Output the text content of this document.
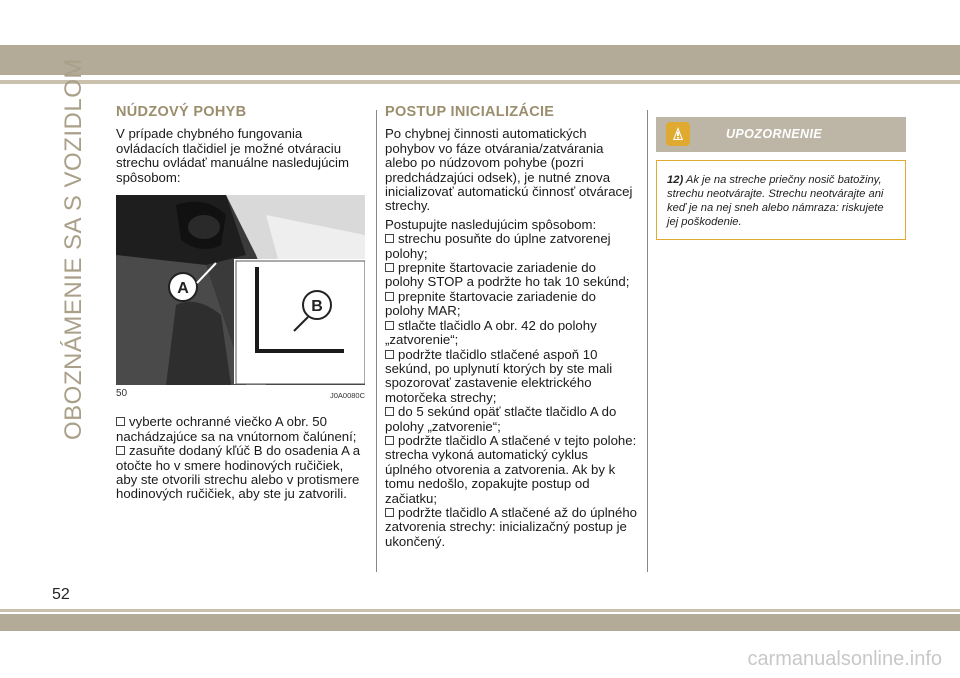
OBOZNÁMENIE SA S VOZIDLOM NÚDZOVÝ POHYB

V prípade chybného fungovania ovládacích tlačidiel je možné otváraciu strechu ovládať manuálne nasledujúcim spôsobom:

A
B
50	J0A0080C

vyberte ochranné viečko A obr. 50 nachádzajúce sa na vnútornom čalúnení;

zasuňte dodaný kľúč B do osadenia A a otočte ho v smere hodinových ručičiek, aby ste otvorili strechu alebo v protismere hodinových ručičiek, aby ste ju zatvorili.

POSTUP INICIALIZÁCIE

Po chybnej činnosti automatických pohybov vo fáze otvárania/zatvárania alebo po núdzovom pohybe (pozri predchádzajúci odsek), je nutné znova inicializovať automatickú činnosť otváracej strechy.

Postupujte nasledujúcim spôsobom:

strechu posuňte do úplne zatvorenej polohy;

prepnite štartovacie zariadenie do polohy STOP a podržte ho tak 10 sekúnd;

prepnite štartovacie zariadenie do polohy MAR;

stlačte tlačidlo A obr. 42 do polohy „zatvorenie“;

podržte tlačidlo stlačené aspoň 10 sekúnd, po uplynutí ktorých by ste mali spozorovať zastavenie elektrického motorčeka strechy;

do 5 sekúnd opäť stlačte tlačidlo A do polohy „zatvorenie“;

podržte tlačidlo A stlačené v tejto polohe: strecha vykoná automatický cyklus úplného otvorenia a zatvorenia. Ak by k tomu nedošlo, zopakujte postup od začiatku;

podržte tlačidlo A stlačené až do úplného zatvorenia strechy: inicializačný postup je ukončený.

UPOZORNENIE
12) Ak je na streche priečny nosič batožiny, strechu neotvárajte. Strechu neotvárajte ani keď je na nej sneh alebo námraza: riskujete jej poškodenie.
52
carmanualsonline.info
